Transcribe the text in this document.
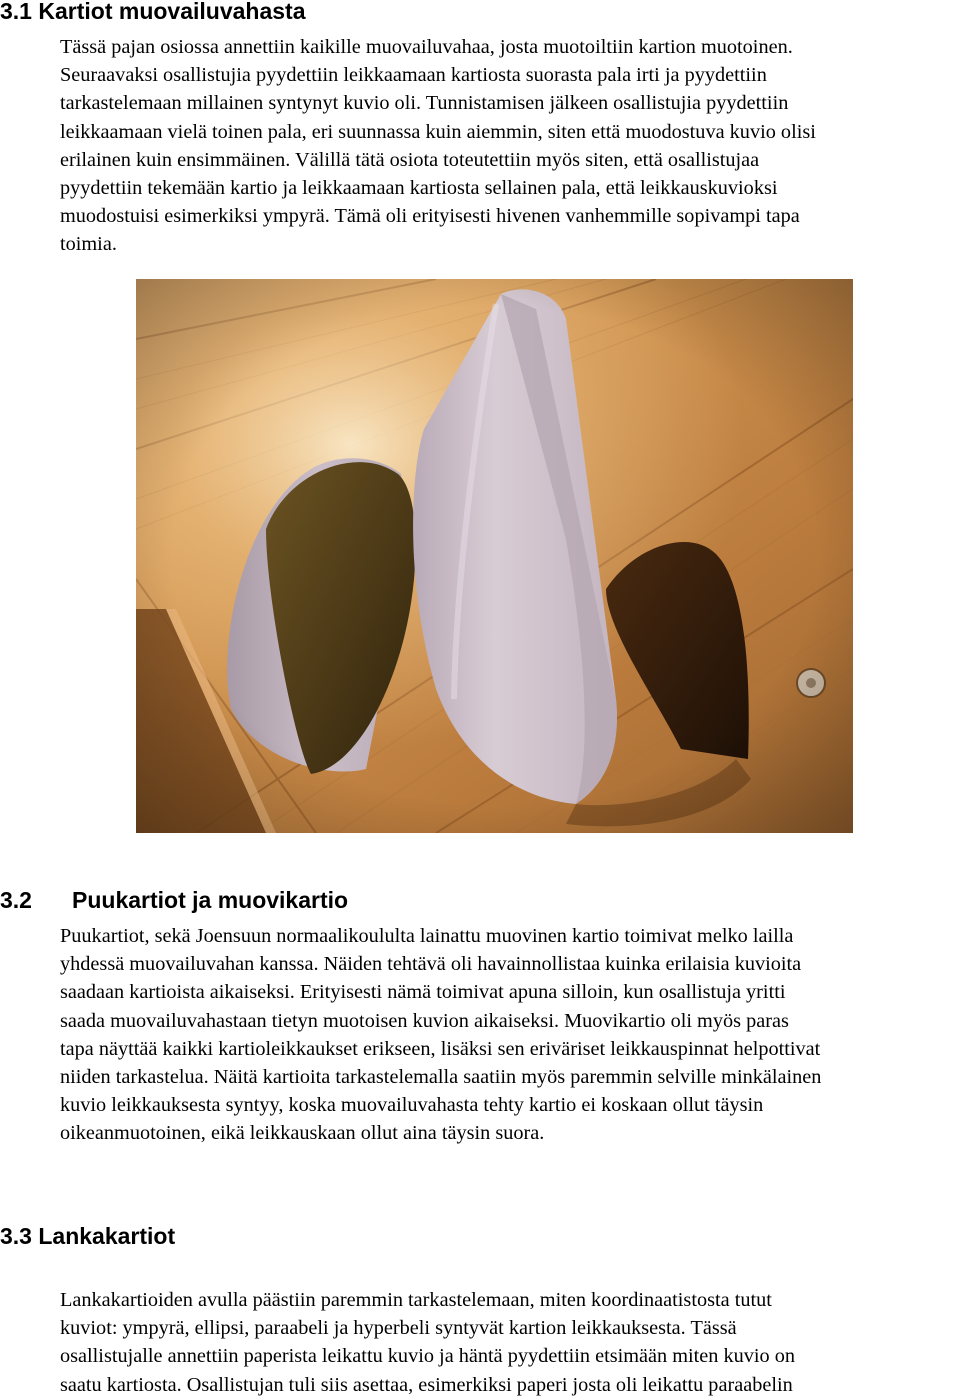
3.1 Kartiot muovailuvahasta

Tässä pajan osiossa annettiin kaikille muovailuvahaa, josta muotoiltiin kartion muotoinen.
Seuraavaksi osallistujia pyydettiin leikkaamaan kartiosta suorasta pala irti ja pyydettiin
tarkastelemaan millainen syntynyt kuvio oli. Tunnistamisen jälkeen osallistujia pyydettiin
leikkaamaan vielä toinen pala, eri suunnassa kuin aiemmin, siten että muodostuva kuvio olisi
erilainen kuin ensimmäinen. Välillä tätä osiota toteutettiin myös siten, että osallistujaa
pyydettiin tekemään kartio ja leikkaamaan kartiosta sellainen pala, että leikkauskuvioksi
muodostuisi esimerkiksi ympyrä. Tämä oli erityisesti hivenen vanhemmille sopivampi tapa
toimia.

3.2 Puukartiot ja muovikartio

Puukartiot, sekä Joensuun normaalikoululta lainattu muovinen kartio toimivat melko lailla
yhdessä muovailuvahan kanssa. Näiden tehtävä oli havainnollistaa kuinka erilaisia kuvioita
saadaan kartioista aikaiseksi. Erityisesti nämä toimivat apuna silloin, kun osallistuja yritti
saada muovailuvahastaan tietyn muotoisen kuvion aikaiseksi. Muovikartio oli myös paras
tapa näyttää kaikki kartioleikkaukset erikseen, lisäksi sen eriväriset leikkauspinnat helpottivat
niiden tarkastelua. Näitä kartioita tarkastelemalla saatiin myös paremmin selville minkälainen
kuvio leikkauksesta syntyy, koska muovailuvahasta tehty kartio ei koskaan ollut täysin
oikeanmuotoinen, eikä leikkauskaan ollut aina täysin suora.

3.3 Lankakartiot

Lankakartioiden avulla päästiin paremmin tarkastelemaan, miten koordinaatistosta tutut
kuviot: ympyrä, ellipsi, paraabeli ja hyperbeli syntyvät kartion leikkauksesta. Tässä
osallistujalle annettiin paperista leikattu kuvio ja häntä pyydettiin etsimään miten kuvio on
saatu kartiosta. Osallistujan tuli siis asettaa, esimerkiksi paperi josta oli leikattu paraabelin
